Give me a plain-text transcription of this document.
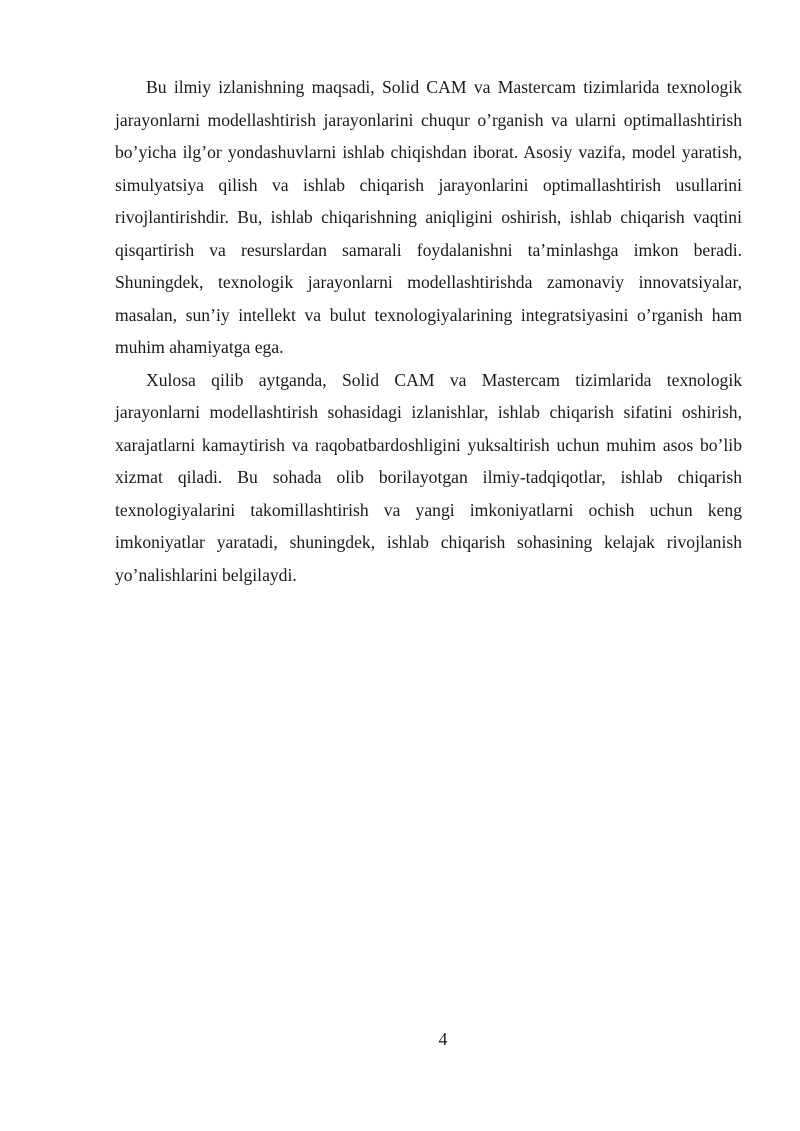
Bu ilmiy izlanishning maqsadi, Solid CAM va Mastercam tizimlarida texnologik jarayonlarni modellashtirish jarayonlarini chuqur o’rganish va ularni optimallashtirish bo’yicha ilg’or yondashuvlarni ishlab chiqishdan iborat. Asosiy vazifa, model yaratish, simulyatsiya qilish va ishlab chiqarish jarayonlarini optimallashtirish usullarini rivojlantirishdir. Bu, ishlab chiqarishning aniqligini oshirish, ishlab chiqarish vaqtini qisqartirish va resurslardan samarali foydalanishni ta’minlashga imkon beradi. Shuningdek, texnologik jarayonlarni modellashtirishda zamonaviy innovatsiyalar, masalan, sun’iy intellekt va bulut texnologiyalarining integratsiyasini o’rganish ham muhim ahamiyatga ega.

Xulosa qilib aytganda, Solid CAM va Mastercam tizimlarida texnologik jarayonlarni modellashtirish sohasidagi izlanishlar, ishlab chiqarish sifatini oshirish, xarajatlarni kamaytirish va raqobatbardoshligini yuksaltirish uchun muhim asos bo’lib xizmat qiladi. Bu sohada olib borilayotgan ilmiy-tadqiqotlar, ishlab chiqarish texnologiyalarini takomillashtirish va yangi imkoniyatlarni ochish uchun keng imkoniyatlar yaratadi, shuningdek, ishlab chiqarish sohasining kelajak rivojlanish yo’nalishlarini belgilaydi.

4
